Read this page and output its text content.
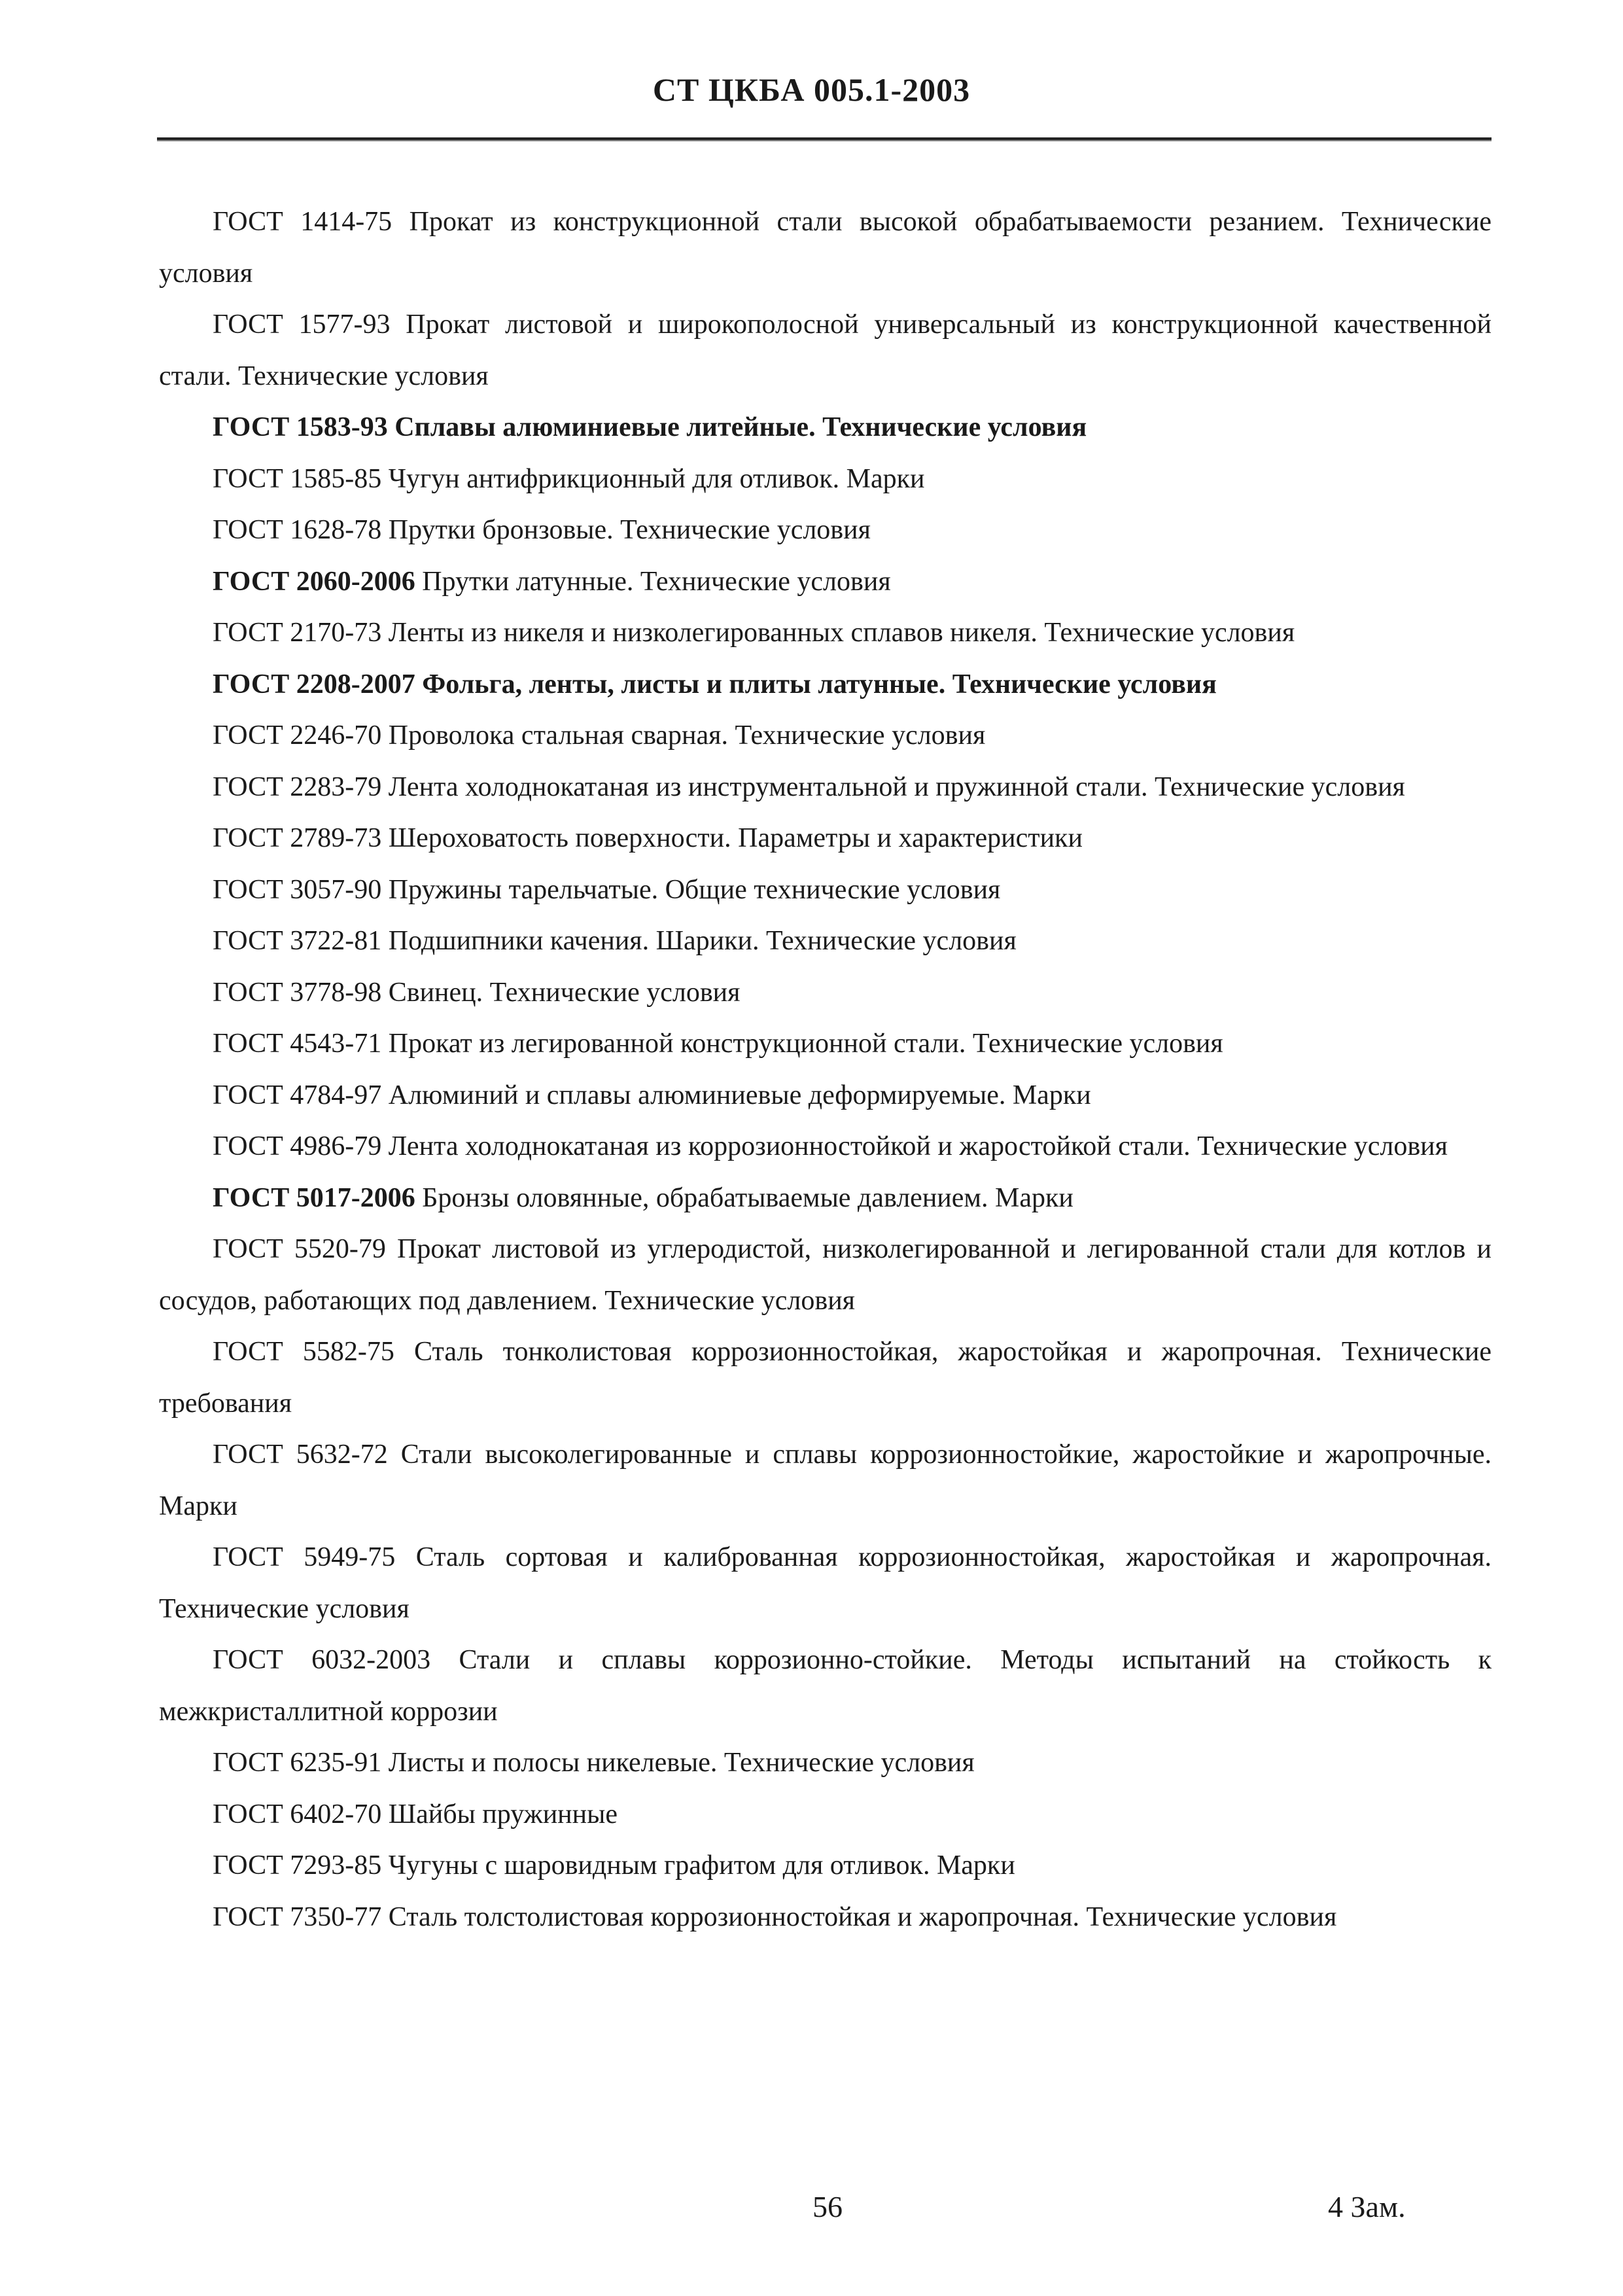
СТ ЦКБА 005.1-2003

ГОСТ 1414-75 Прокат из конструкционной стали высокой обрабатываемости резанием. Технические условия

ГОСТ 1577-93 Прокат листовой и широкополосной универсальный из конструкционной качественной стали. Технические условия

ГОСТ 1583-93 Сплавы алюминиевые литейные. Технические условия

ГОСТ 1585-85 Чугун антифрикционный для отливок. Марки

ГОСТ 1628-78 Прутки бронзовые. Технические условия

ГОСТ 2060-2006 Прутки латунные. Технические условия

ГОСТ 2170-73 Ленты из никеля и низколегированных сплавов никеля. Технические условия

ГОСТ 2208-2007 Фольга, ленты, листы и плиты латунные. Технические условия

ГОСТ 2246-70 Проволока стальная сварная. Технические условия

ГОСТ 2283-79 Лента холоднокатаная из инструментальной и пружинной стали. Технические условия

ГОСТ 2789-73 Шероховатость поверхности. Параметры и характеристики

ГОСТ 3057-90 Пружины тарельчатые. Общие технические условия

ГОСТ 3722-81 Подшипники качения. Шарики. Технические условия

ГОСТ 3778-98 Свинец. Технические условия

ГОСТ 4543-71 Прокат из легированной конструкционной стали. Технические условия

ГОСТ 4784-97 Алюминий и сплавы алюминиевые деформируемые. Марки

ГОСТ 4986-79 Лента холоднокатаная из коррозионностойкой и жаростойкой стали. Технические условия

ГОСТ 5017-2006 Бронзы оловянные, обрабатываемые давлением. Марки

ГОСТ 5520-79 Прокат листовой из углеродистой, низколегированной и легированной стали для котлов и сосудов, работающих под давлением. Технические условия

ГОСТ 5582-75 Сталь тонколистовая коррозионностойкая, жаростойкая и жаропрочная. Технические требования

ГОСТ 5632-72 Стали высоколегированные и сплавы коррозионностойкие, жаростойкие и жаропрочные. Марки

ГОСТ 5949-75 Сталь сортовая и калиброванная коррозионностойкая, жаростойкая и жаропрочная. Технические условия

ГОСТ 6032-2003 Стали и сплавы коррозионно-стойкие. Методы испытаний на стойкость к межкристаллитной коррозии

ГОСТ 6235-91 Листы и полосы никелевые. Технические условия

ГОСТ 6402-70 Шайбы пружинные

ГОСТ 7293-85 Чугуны с шаровидным графитом для отливок. Марки

ГОСТ 7350-77 Сталь толстолистовая коррозионностойкая и жаропрочная. Технические условия

56	4 Зам.
